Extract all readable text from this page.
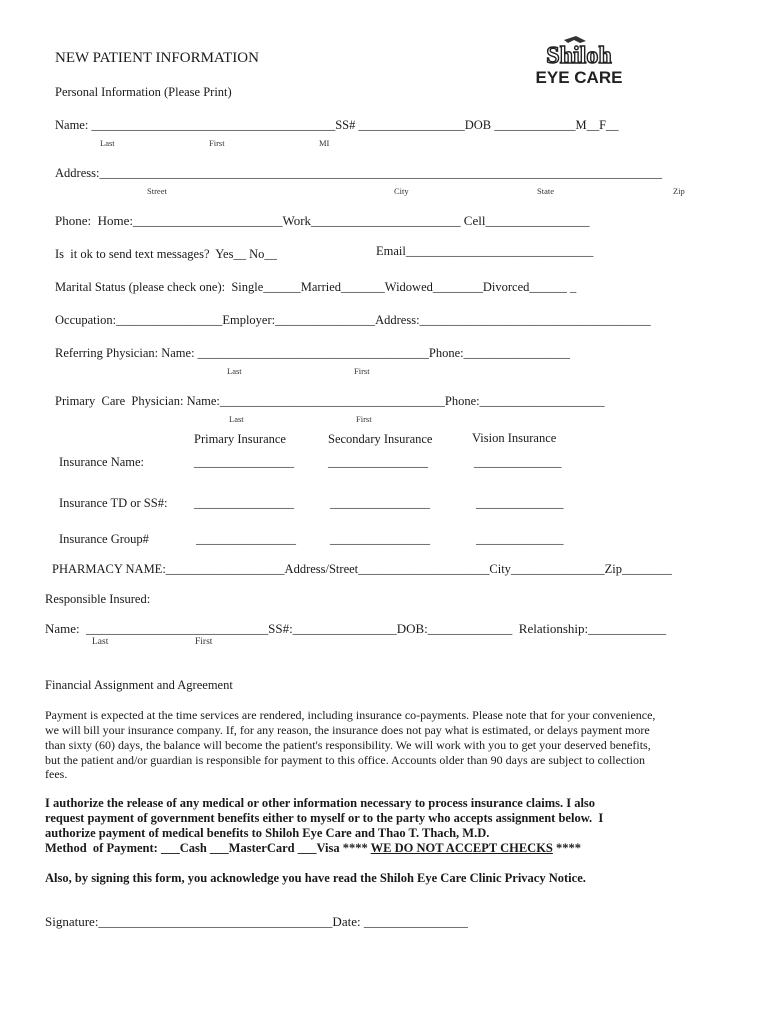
NEW PATIENT INFORMATION
Personal Information (Please Print)
Shiloh
EYE CARE
Name: _______________________________________SS# _________________DOB _____________M__F__
Last	First	MI
Address:__________________________________________________________________________________________
Street	City	State	Zip
Phone:  Home:_______________________Work_______________________ Cell________________
Is  it ok to send text messages?  Yes__ No__	Email______________________________
Marital Status (please check one):  Single______Married_______Widowed________Divorced______ _
Occupation:_________________Employer:________________Address:_____________________________________
Referring Physician: Name: _____________________________________Phone:_________________
Last	First
Primary  Care  Physician: Name:____________________________________Phone:____________________
Last	First
Primary Insurance	Secondary Insurance	Vision Insurance
Insurance Name:	________________	________________	______________
Insurance TD or SS#: ________________	________________	______________
Insurance Group#	________________	________________	______________
PHARMACY NAME:___________________Address/Street_____________________City_______________Zip________
Responsible Insured:
Name:  ____________________________SS#:________________DOB:_____________  Relationship:____________
Last	First
Financial Assignment and Agreement
Payment is expected at the time services are rendered, including insurance co-payments. Please note that for your convenience,
we will bill your insurance company. If, for any reason, the insurance does not pay what is estimated, or delays payment more
than sixty (60) days, the balance will become the patient's responsibility. We will work with you to get your deserved benefits,
but the patient and/or guardian is responsible for payment to this office. Accounts older than 90 days are subject to collection
fees.
I authorize the release of any medical or other information necessary to process insurance claims. I also
request payment of government benefits either to myself or to the party who accepts assignment below.  I
authorize payment of medical benefits to Shiloh Eye Care and Thao T. Thach, M.D.
Method  of Payment: ___Cash ___MasterCard ___Visa **** WE DO NOT ACCEPT CHECKS ****
Also, by signing this form, you acknowledge you have read the Shiloh Eye Care Clinic Privacy Notice.
Signature:____________________________________Date: ________________
